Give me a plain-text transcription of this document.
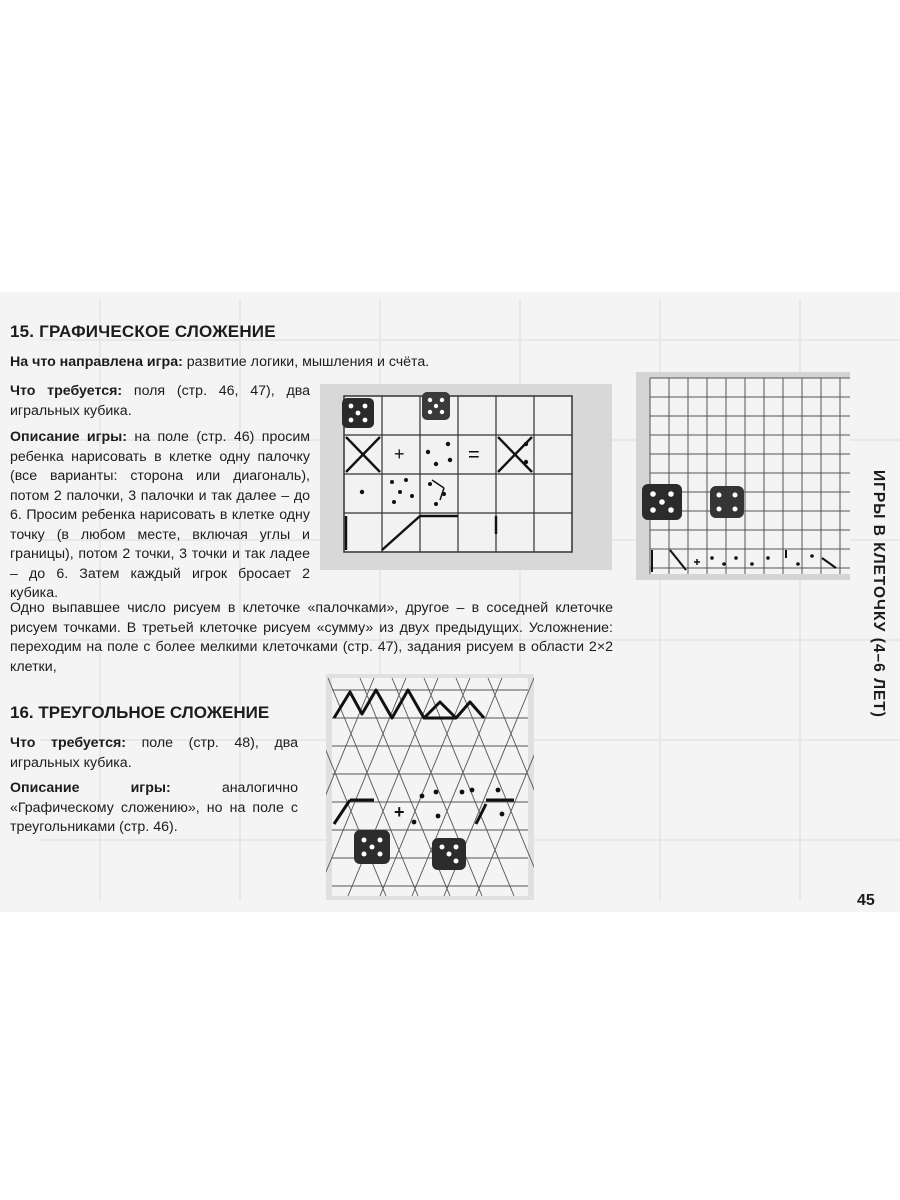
15. ГРАФИЧЕСКОЕ СЛОЖЕНИЕ

На что направлена игра: развитие логики, мышления и счёта.

Что требуется: поля (стр. 46, 47), два игральных кубика.

Описание игры: на поле (стр. 46) просим ребенка нарисовать в клетке одну палочку (все варианты: сторона или диагональ), потом 2 палочки, 3 палочки и так далее – до 6. Просим ребенка нарисовать в клетке одну точку (в любом месте, включая углы и границы), потом 2 точки, 3 точки и так ладее – до 6. Затем каждый игрок бросает 2 кубика.

Одно выпавшее число рисуем в клеточке «палочками», другое – в соседней клеточке рисуем точками. В третьей клеточке рисуем «сумму» из двух предыдущих. Усложнение: переходим на поле с более мелкими клеточками (стр. 47), задания рисуем в области 2×2 клетки,

16. ТРЕУГОЛЬНОЕ СЛОЖЕНИЕ

Что требуется: поле (стр. 48), два игральных кубика.

Описание игры: аналогично «Графическому сложению», но на поле с треугольниками (стр. 46).

+	=
+
ИГРЫ В КЛЕТОЧКУ (4–6 ЛЕТ)
45
